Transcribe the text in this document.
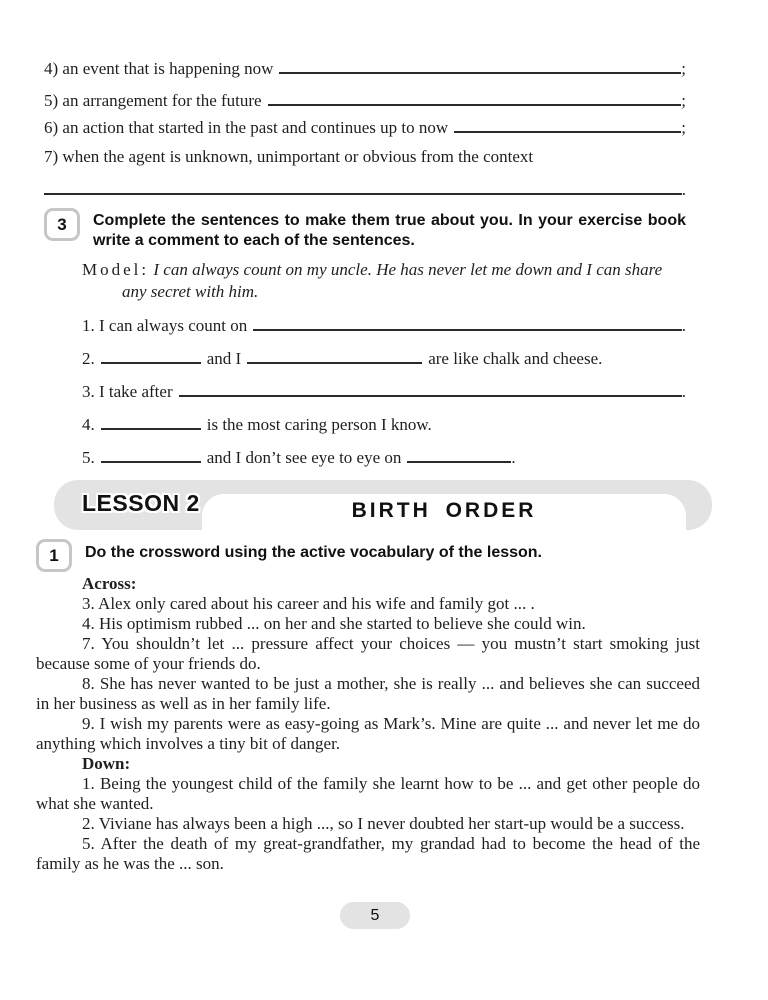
4) an event that is happening now	;
5) an arrangement for the future	;
6) an action that started in the past and continues up to now	;
7) when the agent is unknown, unimportant or obvious from the context
.
3	Complete the sentences to make them true about you. In your exercise book write a comment to each of the sentences.

Model: I can always count on my uncle. He has never let me down and I can share any secret with him.

1. I can always count on	.
2.	and I	are like chalk and cheese.
3. I take after	.
4.	is the most caring person I know.
5.	and I don’t see eye to eye on	.
LESSON 2	BIRTH ORDER
1	Do the crossword using the active vocabulary of the lesson.

Across:

3. Alex only cared about his career and his wife and family got ... .

4. His optimism rubbed ... on her and she started to believe she could win.

7. You shouldn’t let ... pressure affect your choices — you mustn’t start smoking just because some of your friends do.

8. She has never wanted to be just a mother, she is really ... and believes she can succeed in her business as well as in her family life.

9. I wish my parents were as easy-going as Mark’s. Mine are quite ... and never let me do anything which involves a tiny bit of danger.

Down:

1. Being the youngest child of the family she learnt how to be ... and get other people do what she wanted.

2. Viviane has always been a high ..., so I never doubted her start-up would be a success.

5. After the death of my great-grandfather, my grandad had to become the head of the family as he was the ... son.

5
